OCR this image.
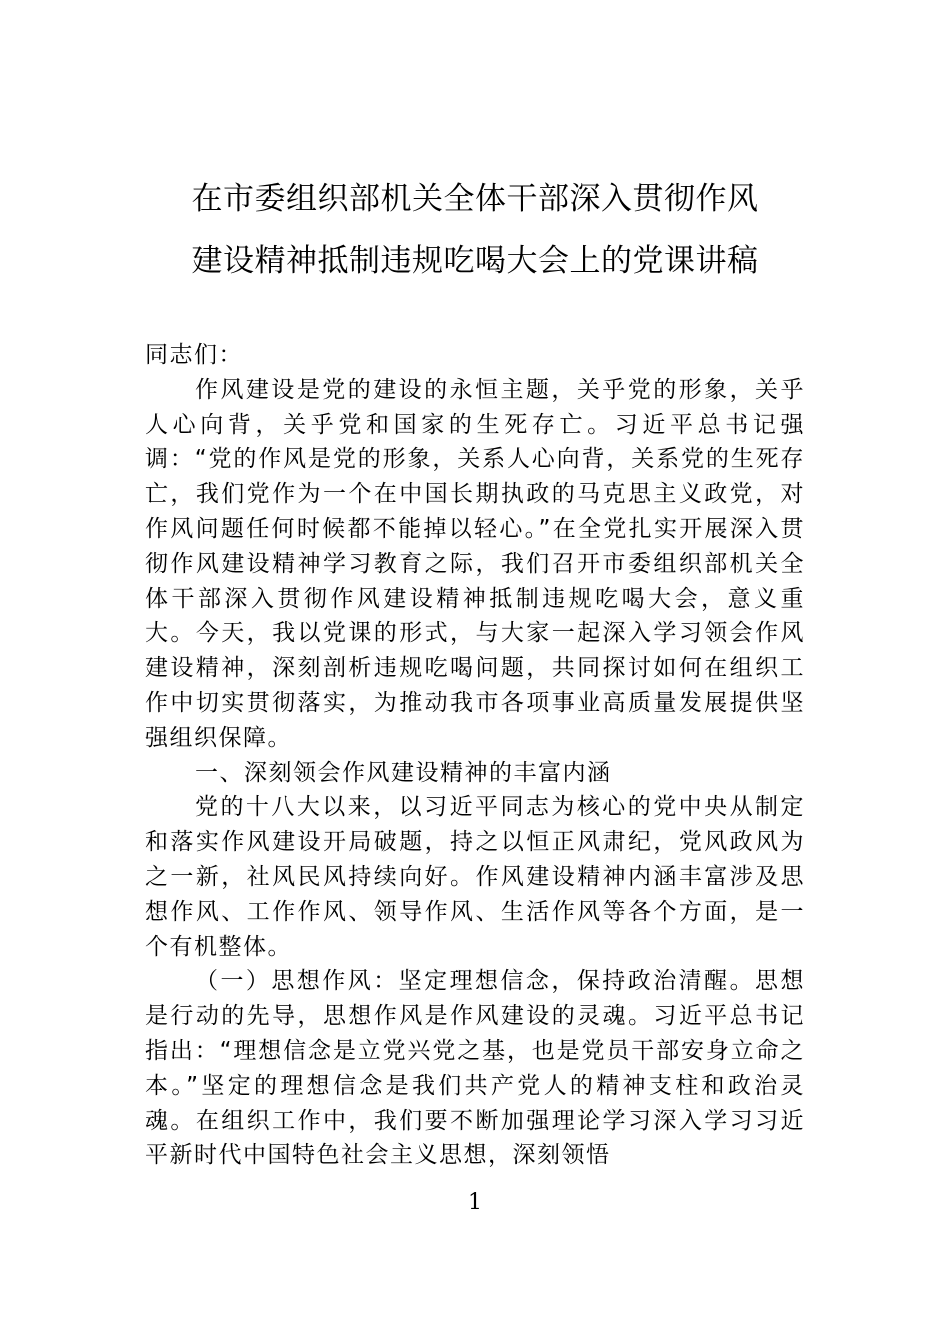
在市委组织部机关全体干部深入贯彻作风
建设精神抵制违规吃喝大会上的党课讲稿

同志们：

作风建设是党的建设的永恒主题，关乎党的形象，关乎人心向背，关乎党和国家的生死存亡。习近平总书记强调：“党的作风是党的形象，关系人心向背，关系党的生死存亡，我们党作为一个在中国长期执政的马克思主义政党，对作风问题任何时候都不能掉以轻心。”在全党扎实开展深入贯彻作风建设精神学习教育之际，我们召开市委组织部机关全体干部深入贯彻作风建设精神抵制违规吃喝大会，意义重大。今天，我以党课的形式，与大家一起深入学习领会作风建设精神，深刻剖析违规吃喝问题，共同探讨如何在组织工作中切实贯彻落实，为推动我市各项事业高质量发展提供坚强组织保障。

一、深刻领会作风建设精神的丰富内涵

党的十八大以来，以习近平同志为核心的党中央从制定和落实作风建设开局破题，持之以恒正风肃纪，党风政风为之一新，社风民风持续向好。作风建设精神内涵丰富涉及思想作风、工作作风、领导作风、生活作风等各个方面，是一个有机整体。

（一）思想作风：坚定理想信念，保持政治清醒。思想是行动的先导，思想作风是作风建设的灵魂。习近平总书记指出：“理想信念是立党兴党之基，也是党员干部安身立命之本。”坚定的理想信念是我们共产党人的精神支柱和政治灵魂。在组织工作中，我们要不断加强理论学习深入学习习近平新时代中国特色社会主义思想，深刻领悟

1
